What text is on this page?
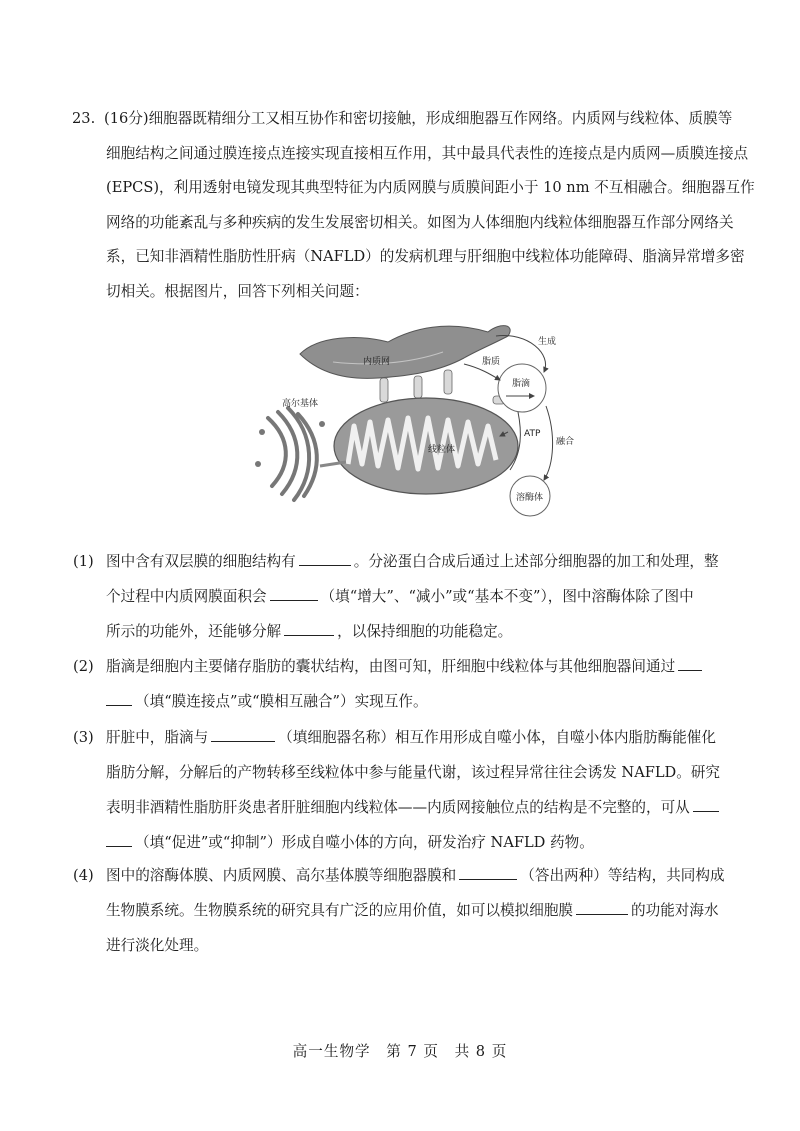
23. (16分)细胞器既精细分工又相互协作和密切接触，形成细胞器互作网络。内质网与线粒体、质膜等
细胞结构之间通过膜连接点连接实现直接相互作用，其中最具代表性的连接点是内质网—质膜连接点
(EPCS)，利用透射电镜发现其典型特征为内质网膜与质膜间距小于 10 nm 不互相融合。细胞器互作
网络的功能紊乱与多种疾病的发生发展密切相关。如图为人体细胞内线粒体细胞器互作部分网络关
系，已知非酒精性脂肪性肝病（NAFLD）的发病机理与肝细胞中线粒体功能障碍、脂滴异常增多密
切相关。根据图片，回答下列相关问题：
内质网
线粒体
高尔基体
脂滴
溶酶体
脂质
生成
融合
ATP
(1) 图中含有双层膜的细胞结构有	。分泌蛋白合成后通过上述部分细胞器的加工和处理，整
个过程中内质网膜面积会	（填“增大”、“减小”或“基本不变”），图中溶酶体除了图中
所示的功能外，还能够分解	，以保持细胞的功能稳定。
(2) 脂滴是细胞内主要储存脂肪的囊状结构，由图可知，肝细胞中线粒体与其他细胞器间通过
（填“膜连接点”或“膜相互融合”）实现互作。
(3) 肝脏中，脂滴与	（填细胞器名称）相互作用形成自噬小体，自噬小体内脂肪酶能催化
脂肪分解，分解后的产物转移至线粒体中参与能量代谢，该过程异常往往会诱发 NAFLD。研究
表明非酒精性脂肪肝炎患者肝脏细胞内线粒体——内质网接触位点的结构是不完整的，可从
（填“促进”或“抑制”）形成自噬小体的方向，研发治疗 NAFLD 药物。
(4) 图中的溶酶体膜、内质网膜、高尔基体膜等细胞器膜和	（答出两种）等结构，共同构成
生物膜系统。生物膜系统的研究具有广泛的应用价值，如可以模拟细胞膜	的功能对海水
进行淡化处理。
高一生物学　第 7 页　共 8 页
